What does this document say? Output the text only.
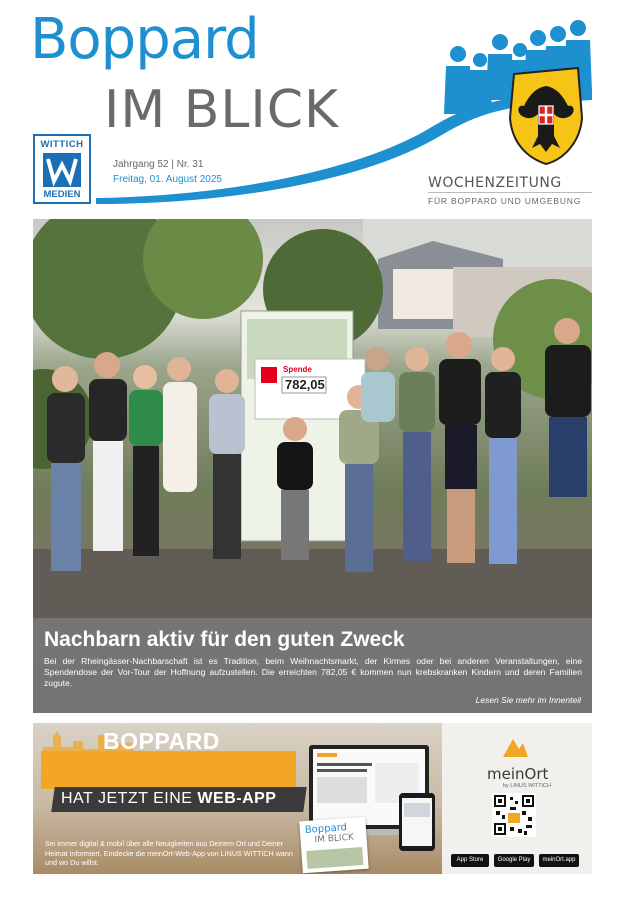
Boppard
IM BLICK
WITTICH
MEDIEN
Jahrgang 52 | Nr. 31
Freitag, 01. August 2025	WOCHENZEITUNG
FÜR BOPPARD UND UMGEBUNG
Spende
782,05
Nachbarn aktiv für den guten Zweck
Bei der Rheingässer-Nachbarschaft ist es Tradition, beim Weihnachtsmarkt, der Kirmes oder bei anderen Veranstaltungen, eine Spendendose der Vor-Tour der Hoffnung aufzustellen. Die erreichten 782,05 € kommen nun krebskranken Kindern und deren Familien zugute.
Lesen Sie mehr im Innenteil
BOPPARD
HAT JETZT EINE WEB-APP
Sei immer digital & mobil über alle Neuigkeiten aus Deinem Ort und Deiner Heimat informiert. Entdecke die meinOrt-Web-App von LINUS WITTICH wann und wo Du willst.
Boppard
IM BLICK
meinOrt
by LINUS WITTICH
App Store	Google Play	meinOrt.app
